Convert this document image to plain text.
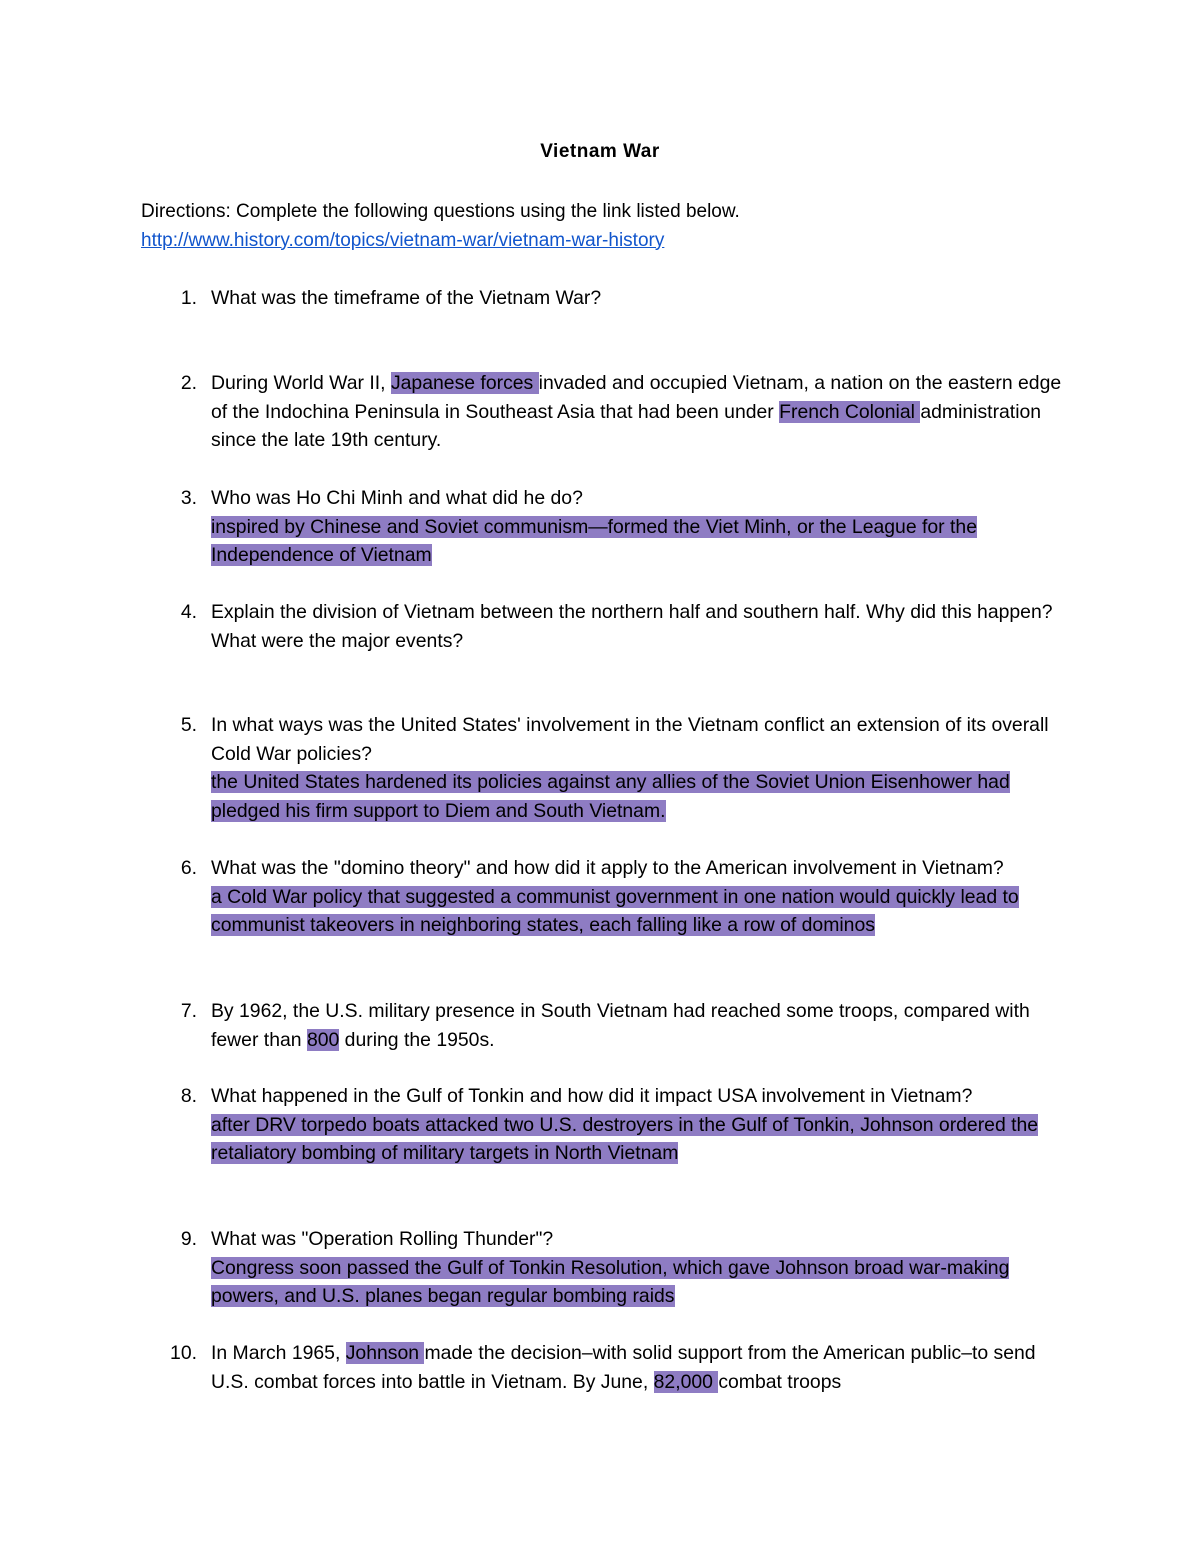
Vietnam War
Directions: Complete the following questions using the link listed below.
http://www.history.com/topics/vietnam-war/vietnam-war-history
1. What was the timeframe of the Vietnam War?
2. During World War II, Japanese forces invaded and occupied Vietnam, a nation on the eastern edge of the Indochina Peninsula in Southeast Asia that had been under French Colonial administration since the late 19th century.
3. Who was Ho Chi Minh and what did he do?
inspired by Chinese and Soviet communism—formed the Viet Minh, or the League for the Independence of Vietnam
4. Explain the division of Vietnam between the northern half and southern half. Why did this happen? What were the major events?
5. In what ways was the United States' involvement in the Vietnam conflict an extension of its overall Cold War policies?
the United States hardened its policies against any allies of the Soviet Union Eisenhower had pledged his firm support to Diem and South Vietnam.
6. What was the "domino theory" and how did it apply to the American involvement in Vietnam?
a Cold War policy that suggested a communist government in one nation would quickly lead to communist takeovers in neighboring states, each falling like a row of dominos
7. By 1962, the U.S. military presence in South Vietnam had reached some troops, compared with fewer than 800 during the 1950s.
8. What happened in the Gulf of Tonkin and how did it impact USA involvement in Vietnam?
after DRV torpedo boats attacked two U.S. destroyers in the Gulf of Tonkin, Johnson ordered the retaliatory bombing of military targets in North Vietnam
9. What was "Operation Rolling Thunder"?
Congress soon passed the Gulf of Tonkin Resolution, which gave Johnson broad war-making powers, and U.S. planes began regular bombing raids
10. In March 1965, Johnson made the decision–with solid support from the American public–to send U.S. combat forces into battle in Vietnam. By June, 82,000 combat troops
